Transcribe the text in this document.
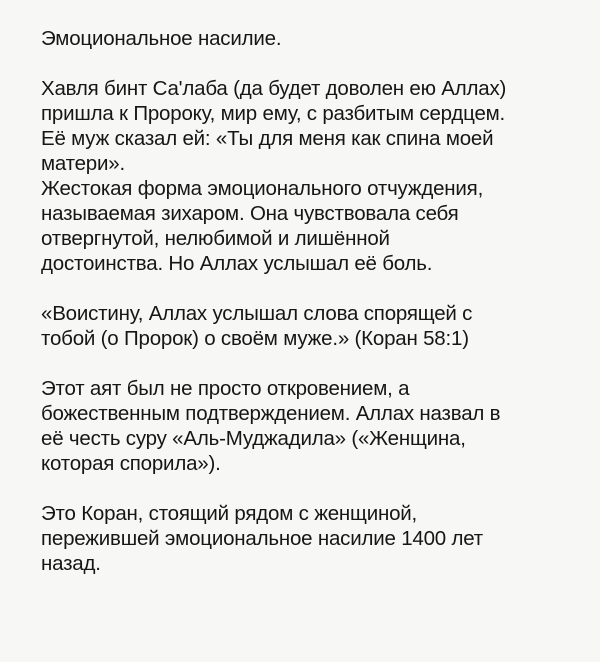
Эмоциональное насилие.

Хавля бинт Са'лаба (да будет доволен ею Аллах)
пришла к Пророку, мир ему, с разбитым сердцем.
Её муж сказал ей: «Ты для меня как спина моей
матери».
Жестокая форма эмоционального отчуждения,
называемая зихаром. Она чувствовала себя
отвергнутой, нелюбимой и лишённой
достоинства. Но Аллах услышал её боль.

«Воистину, Аллах услышал слова спорящей с
тобой (о Пророк) о своём муже.» (Коран 58:1)

Этот аят был не просто откровением, а
божественным подтверждением. Аллах назвал в
её честь суру «Аль-Муджадила» («Женщина,
которая спорила»).

Это Коран, стоящий рядом с женщиной,
пережившей эмоциональное насилие 1400 лет
назад.
